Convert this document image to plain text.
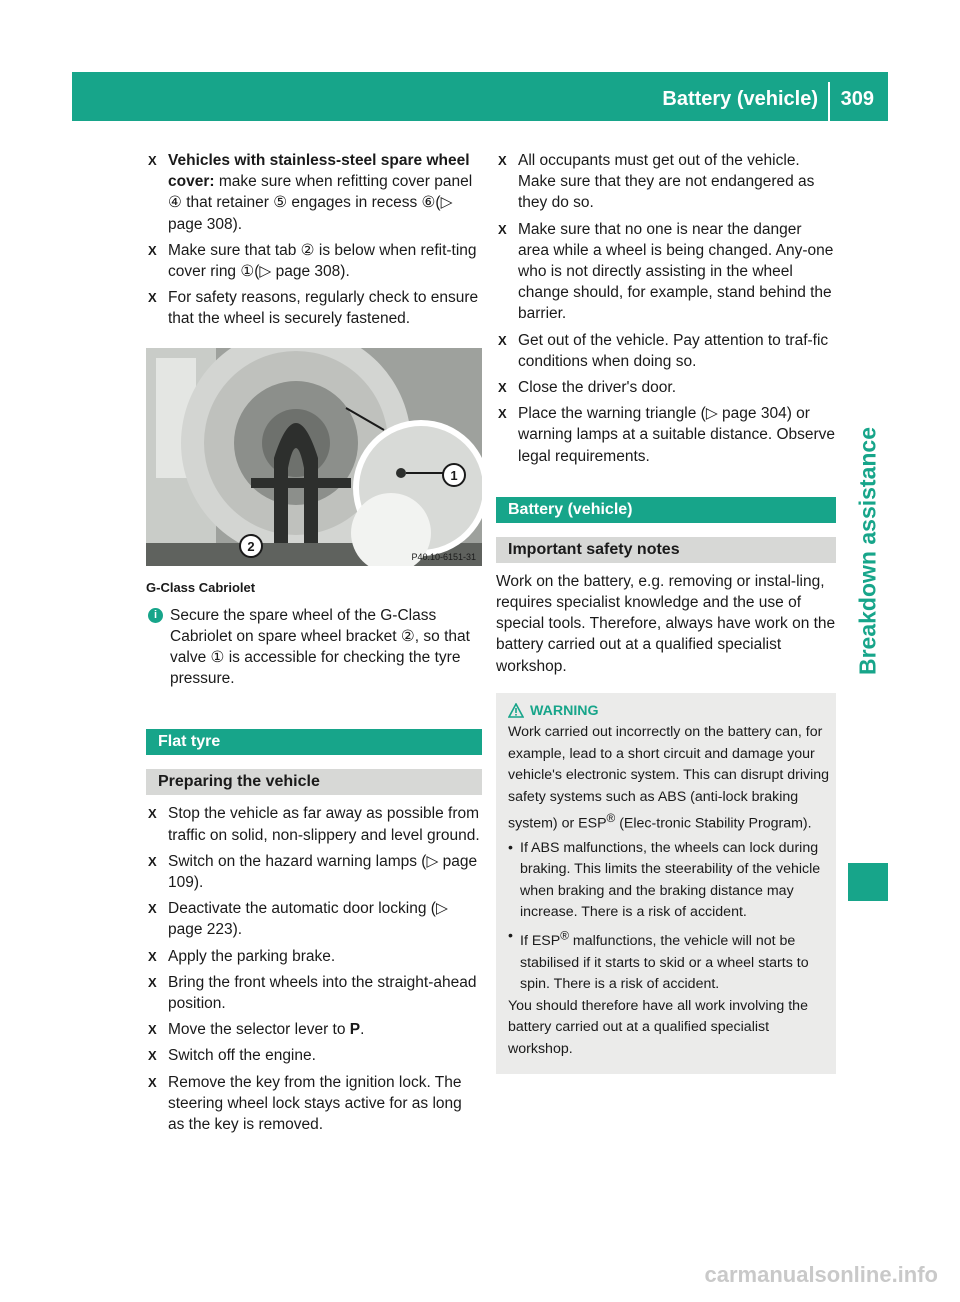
Battery (vehicle) 309
Breakdown assistance
X Vehicles with stainless-steel spare wheel cover: make sure when refitting cover panel ④ that retainer ⑤ engages in recess ⑥(▷ page 308).
X Make sure that tab ② is below when refit-ting cover ring ①(▷ page 308).
X For safety reasons, regularly check to ensure that the wheel is securely fastened.
1
2
P40.10-6151-31
G-Class Cabriolet
i Secure the spare wheel of the G-Class Cabriolet on spare wheel bracket ②, so that valve ① is accessible for checking the tyre pressure.
Flat tyre
Preparing the vehicle
X Stop the vehicle as far away as possible from traffic on solid, non-slippery and level ground.
X Switch on the hazard warning lamps (▷ page 109).
X Deactivate the automatic door locking (▷ page 223).
X Apply the parking brake.
X Bring the front wheels into the straight-ahead position.
X Move the selector lever to P.
X Switch off the engine.
X Remove the key from the ignition lock. The steering wheel lock stays active for as long as the key is removed.
X All occupants must get out of the vehicle. Make sure that they are not endangered as they do so.
X Make sure that no one is near the danger area while a wheel is being changed. Any-one who is not directly assisting in the wheel change should, for example, stand behind the barrier.
X Get out of the vehicle. Pay attention to traf-fic conditions when doing so.
X Close the driver's door.
X Place the warning triangle (▷ page 304) or warning lamps at a suitable distance. Observe legal requirements.
Battery (vehicle)
Important safety notes
Work on the battery, e.g. removing or instal-ling, requires specialist knowledge and the use of special tools. Therefore, always have work on the battery carried out at a qualified specialist workshop.
WARNING
Work carried out incorrectly on the battery can, for example, lead to a short circuit and damage your vehicle's electronic system. This can disrupt driving safety systems such as ABS (anti-lock braking system) or ESP® (Elec-tronic Stability Program).
• If ABS malfunctions, the wheels can lock during braking. This limits the steerability of the vehicle when braking and the braking distance may increase. There is a risk of accident.
• If ESP® malfunctions, the vehicle will not be stabilised if it starts to skid or a wheel starts to spin. There is a risk of accident.
You should therefore have all work involving the battery carried out at a qualified specialist workshop.
carmanualsonline.info
